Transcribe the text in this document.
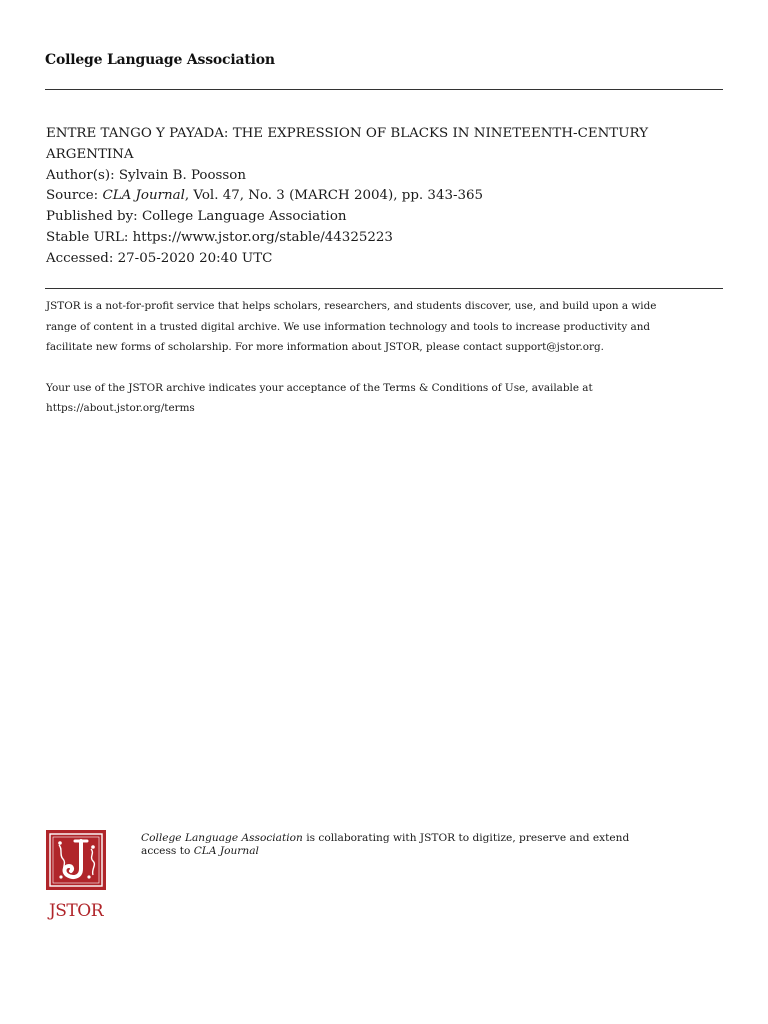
College Language Association
ENTRE TANGO Y PAYADA: THE EXPRESSION OF BLACKS IN NINETEENTH-CENTURY
ARGENTINA
Author(s): Sylvain B. Poosson
Source: CLA Journal, Vol. 47, No. 3 (MARCH 2004), pp. 343-365
Published by: College Language Association
Stable URL: https://www.jstor.org/stable/44325223
Accessed: 27-05-2020 20:40 UTC
JSTOR is a not-for-profit service that helps scholars, researchers, and students discover, use, and build upon a wide
range of content in a trusted digital archive. We use information technology and tools to increase productivity and
facilitate new forms of scholarship. For more information about JSTOR, please contact support@jstor.org.
Your use of the JSTOR archive indicates your acceptance of the Terms & Conditions of Use, available at
https://about.jstor.org/terms
JSTOR
College Language Association is collaborating with JSTOR to digitize, preserve and extend
access to CLA Journal
